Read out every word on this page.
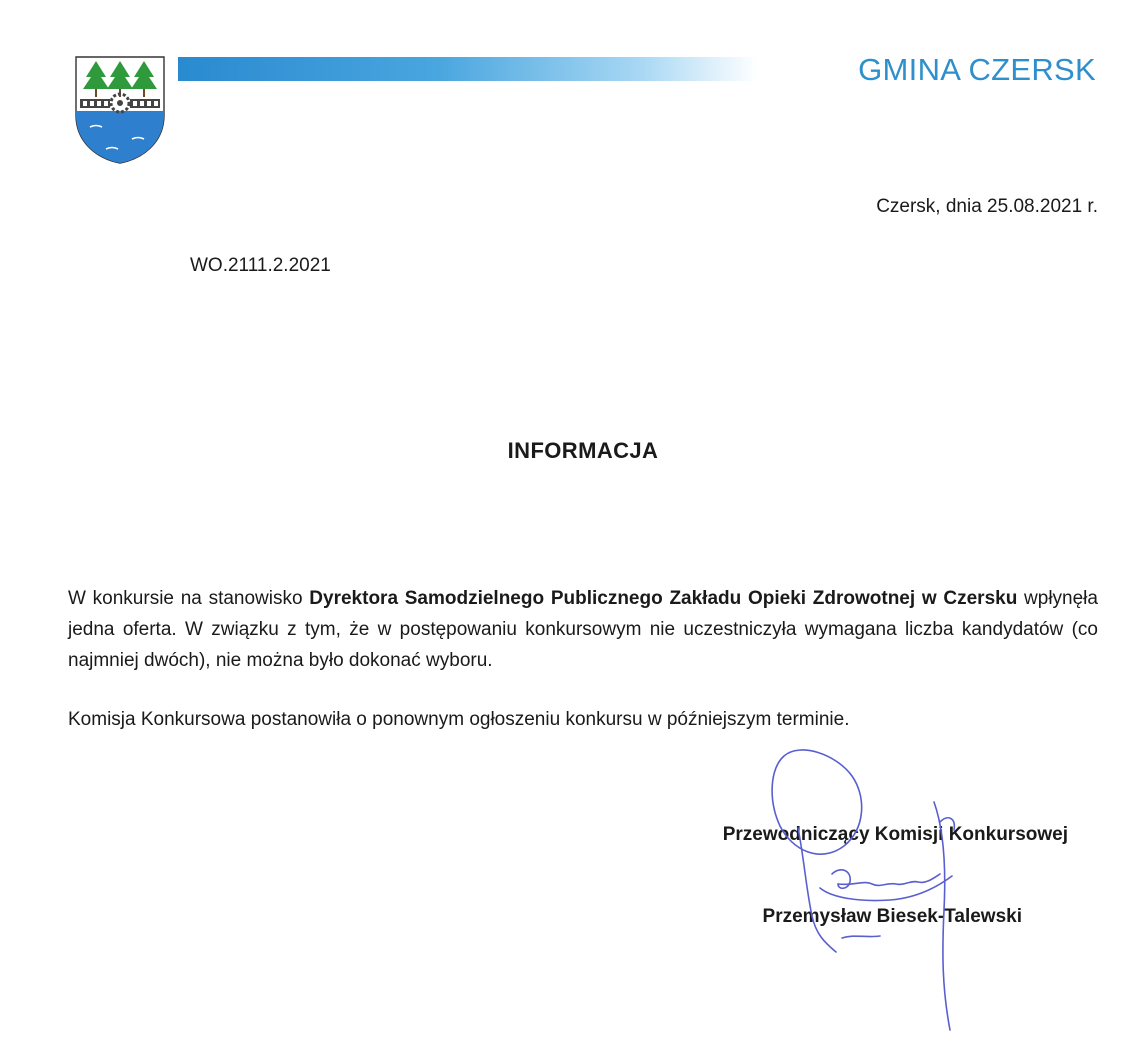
GMINA CZERSK
Czersk, dnia 25.08.2021 r.
WO.2111.2.2021
INFORMACJA

W konkursie na stanowisko Dyrektora Samodzielnego Publicznego Zakładu Opieki Zdrowotnej w Czersku wpłynęła jedna oferta. W związku z tym, że w postępowaniu konkursowym nie uczestniczyła wymagana liczba kandydatów (co najmniej dwóch), nie można było dokonać wyboru.

Komisja Konkursowa postanowiła o ponownym ogłoszeniu konkursu w późniejszym terminie.

Przewodniczący Komisji Konkursowej
Przemysław Biesek-Talewski
